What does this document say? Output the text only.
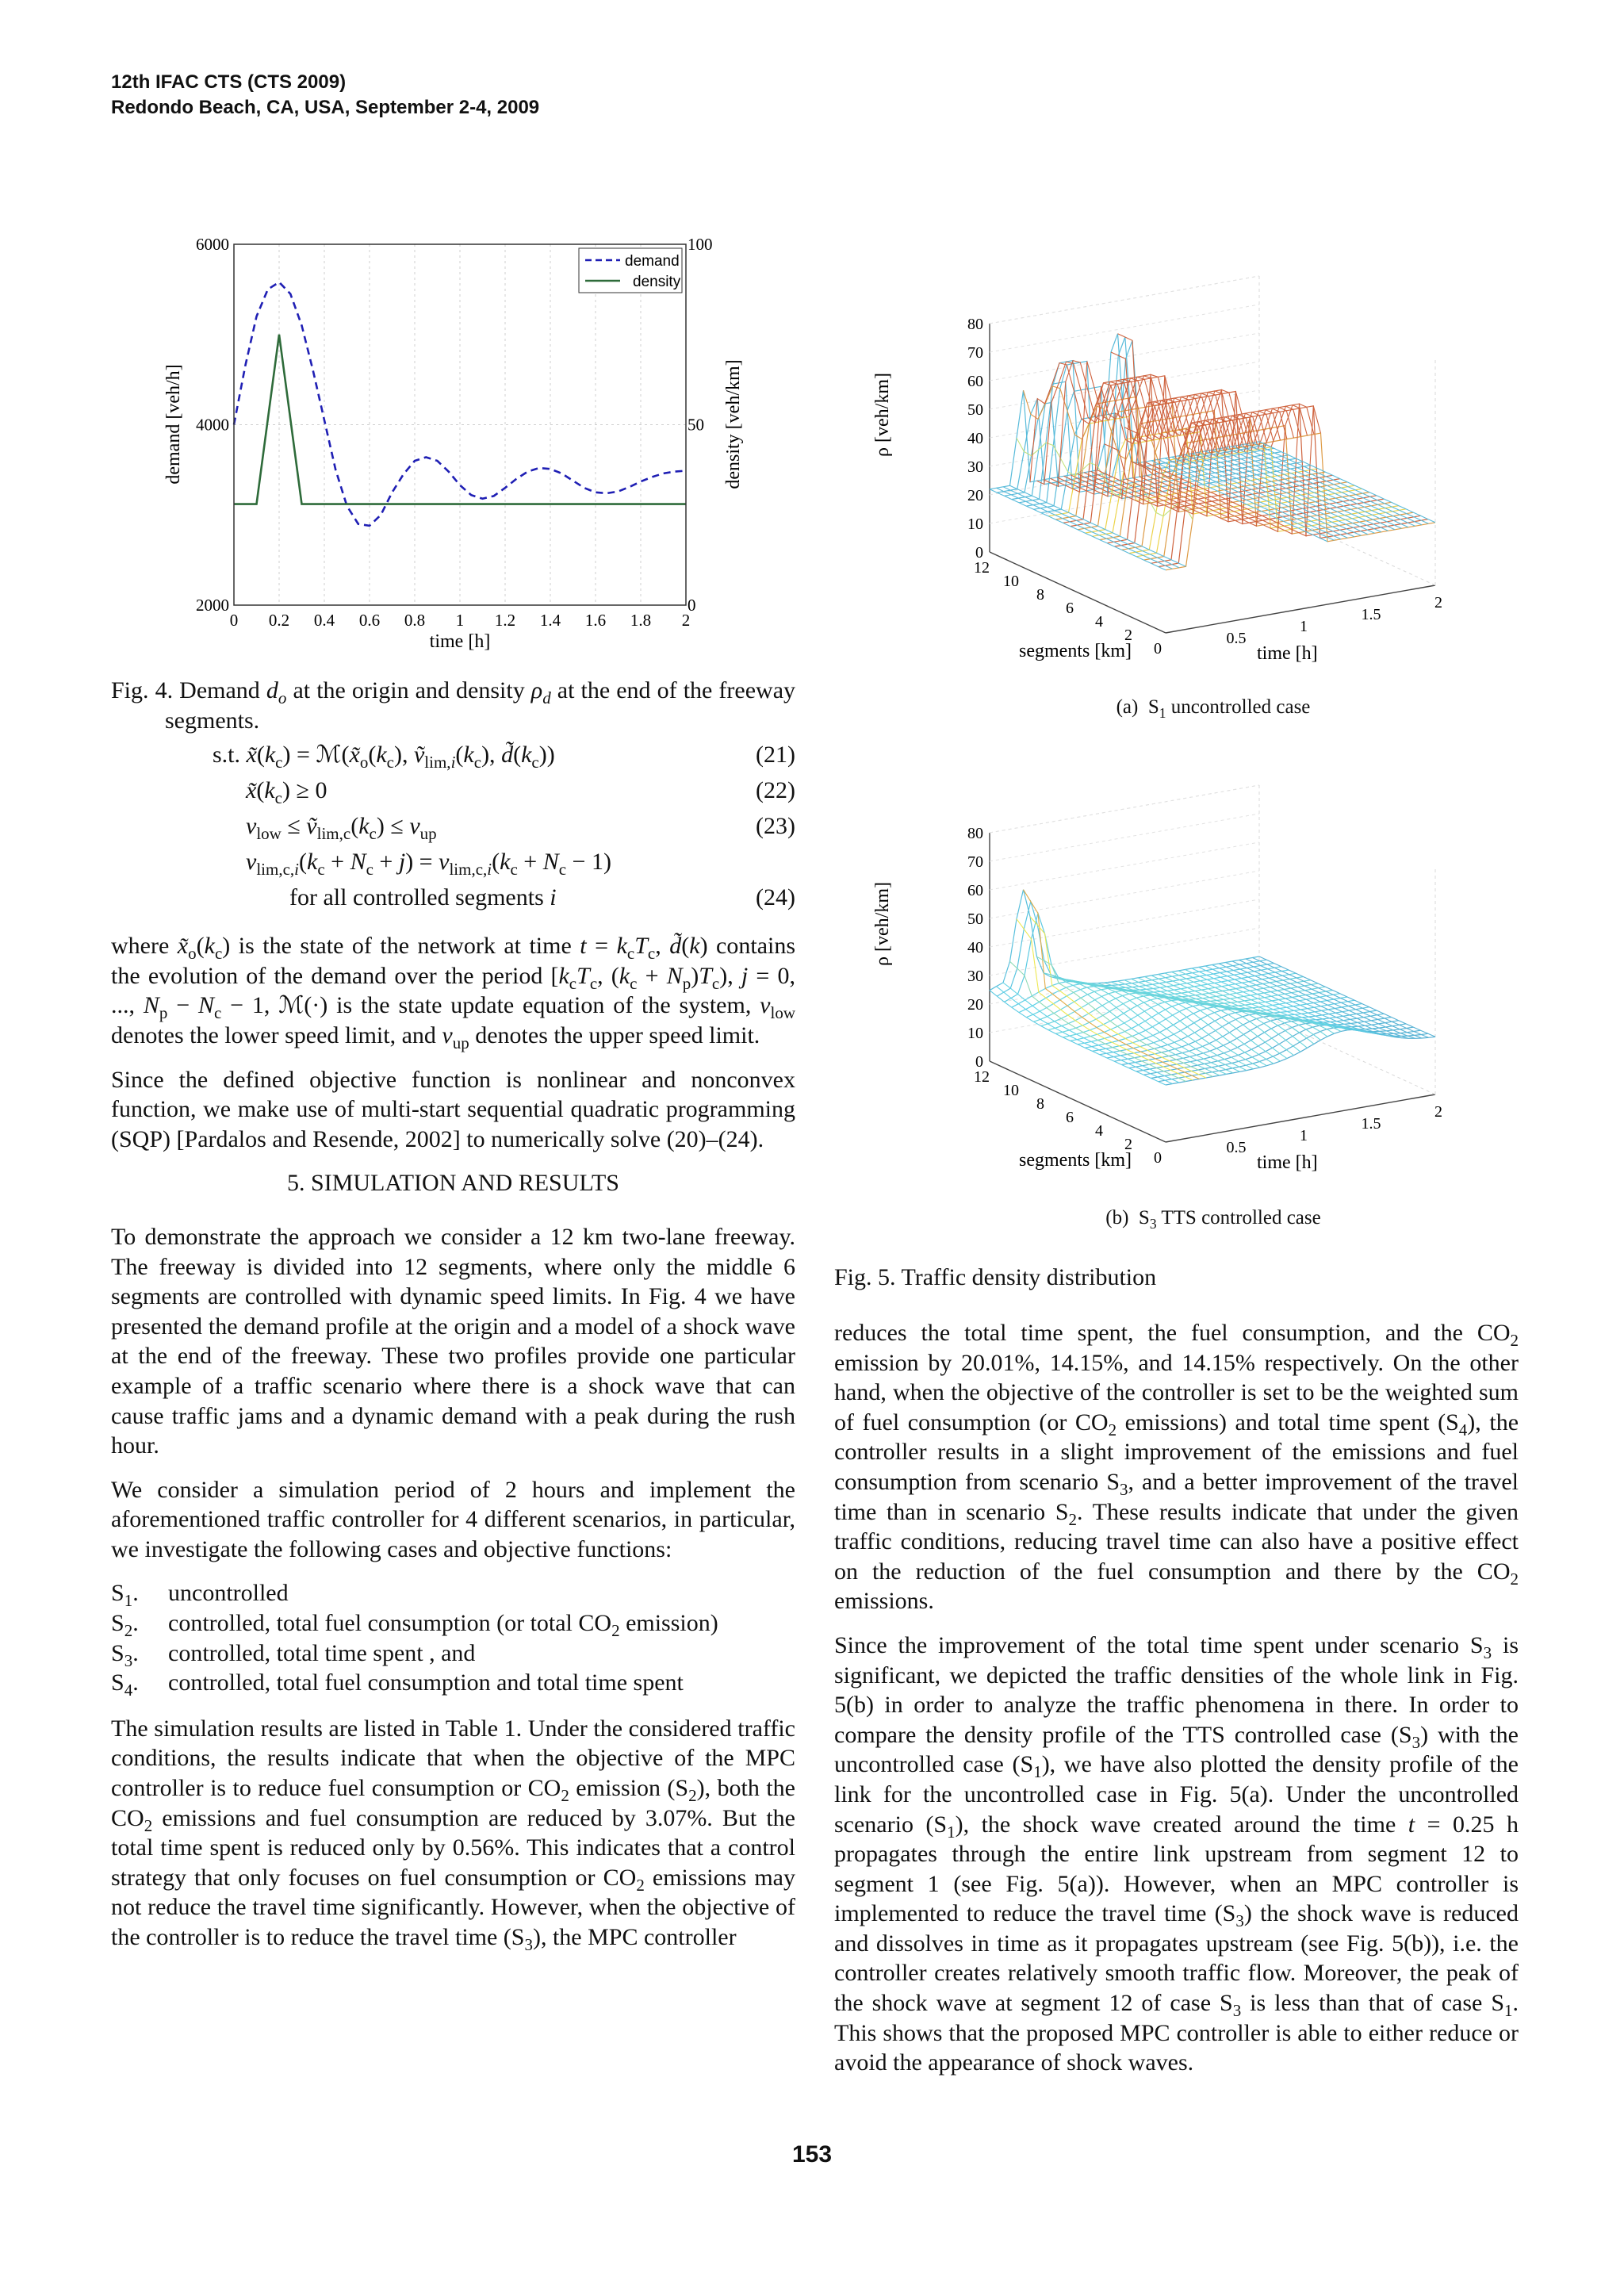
12th IFAC CTS (CTS 2009)
Redondo Beach, CA, USA, September 2-4, 2009
0 0.2 0.4 0.6 0.8 1 1.2 1.4 1.6 1.8 2
2000
4000
6000
0
50
100
time [h]
demand [veh/h]	density [veh/km]
demand
density
0
10
20
30
40
50
60
70
80
12
10
8
6
4
2
0
0.5
1
1.5
2
ρ [veh/km]
segments [km]	time [h]
(a)  $S_1$ uncontrolled case
0
10
20
30
40
50
60
70
80
12
10
8
6
4
2
0
0.5
1
1.5
2
ρ [veh/km]
segments [km]	time [h]
(b)  $S_3$ TTS controlled case
Fig. 5. Traffic density distribution
Fig. 4. Demand $d_o$ at the origin and density $\rho_d$ at the end of the freeway segments.
s.t. $x̃(k_c)$ = $ℳ(x̃_o(k_c)$, $ṽ_{lim,i}(k_c)$, $d̃(k_c)$)	(21)
$x̃(k_c) \ge 0$	(22)
$v_{low}$ ≤ $ṽ_{lim,c}(k_c) \le v_{up}$	(23)
$v_{lim,c,i}(k_c + N_c + j) = v_{lim,c,i}(k_c + N_c - 1)$
for all controlled segments i	(24)

where $x̃_o(k_c)$ is the state of the network at time $t = k_cT_c$, d̃(k) contains the evolution of the demand over the period [$k_cT_c$, $(k_c + N_p)T_c$), j = 0, ..., $N_p - N_c - 1$, ℳ(·) is the state update equation of the system, $v_{low}$ denotes the lower speed limit, and $v_{up}$ denotes the upper speed limit.

Since the defined objective function is nonlinear and nonconvex function, we make use of multi-start sequential quadratic programming (SQP) [Pardalos and Resende, 2002] to numerically solve (20)–(24).

5. SIMULATION AND RESULTS

To demonstrate the approach we consider a 12 km two-lane freeway. The freeway is divided into 12 segments, where only the middle 6 segments are controlled with dynamic speed limits. In Fig. 4 we have presented the demand profile at the origin and a model of a shock wave at the end of the freeway. These two profiles provide one particular example of a traffic scenario where there is a shock wave that can cause traffic jams and a dynamic demand with a peak during the rush hour.

We consider a simulation period of 2 hours and implement the aforementioned traffic controller for 4 different scenarios, in particular, we investigate the following cases and objective functions:

$S_1$.	uncontrolled
$S_2$.	controlled, total fuel consumption (or total $CO_2$ emission)
$S_3$.	controlled, total time spent , and
$S_4$.	controlled, total fuel consumption and total time spent

The simulation results are listed in Table 1. Under the considered traffic conditions, the results indicate that when the objective of the MPC controller is to reduce fuel consumption or $CO_2$ emission $(S_2)$, both the $CO_2$ emissions and fuel consumption are reduced by 3.07%. But the total time spent is reduced only by 0.56%. This indicates that a control strategy that only focuses on fuel consumption or $CO_2$ emissions may not reduce the travel time significantly. However, when the objective of the controller is to reduce the travel time $(S_3)$, the MPC controller

reduces the total time spent, the fuel consumption, and the $CO_2$ emission by 20.01%, 14.15%, and 14.15% respectively. On the other hand, when the objective of the controller is set to be the weighted sum of fuel consumption (or $CO_2$ emissions) and total time spent $(S_4)$, the controller results in a slight improvement of the emissions and fuel consumption from scenario $S_3$, and a better improvement of the travel time than in scenario $S_2$. These results indicate that under the given traffic conditions, reducing travel time can also have a positive effect on the reduction of the fuel consumption and there by the $CO_2$ emissions.

Since the improvement of the total time spent under scenario $S_3$ is significant, we depicted the traffic densities of the whole link in Fig. 5(b) in order to analyze the traffic phenomena in there. In order to compare the density profile of the TTS controlled case $(S_3)$ with the uncontrolled case $(S_1)$, we have also plotted the density profile of the link for the uncontrolled case in Fig. 5(a). Under the uncontrolled scenario $(S_1)$, the shock wave created around the time t = 0.25 h propagates through the entire link upstream from segment 12 to segment 1 (see Fig. 5(a)). However, when an MPC controller is implemented to reduce the travel time $(S_3)$ the shock wave is reduced and dissolves in time as it propagates upstream (see Fig. 5(b)), i.e. the controller creates relatively smooth traffic flow. Moreover, the peak of the shock wave at segment 12 of case $S_3$ is less than that of case $S_1$. This shows that the proposed MPC controller is able to either reduce or avoid the appearance of shock waves.

153
